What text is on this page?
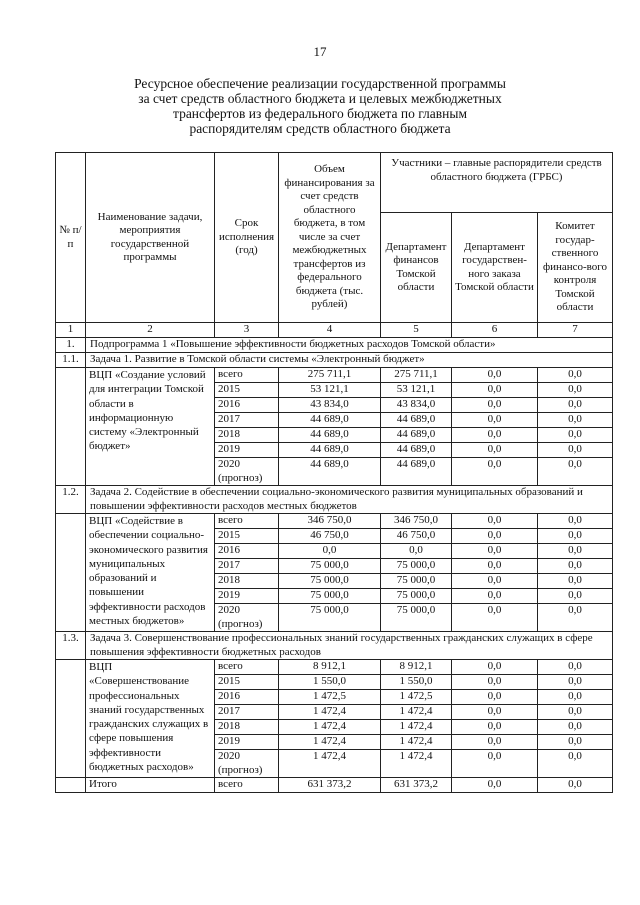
17
Ресурсное обеспечение реализации государственной программы
за счет средств областного бюджета и целевых межбюджетных
трансфертов из федерального бюджета по главным
распорядителям средств областного бюджета
№ п/п	Наименование задачи, мероприятия государственной программы	Срок исполнения (год)	Объем финансирования за счет средств областного бюджета, в том числе за счет межбюджетных трансфертов из федерального бюджета (тыс. рублей)	Участники – главные распорядители средств областного бюджета (ГРБС)		
				Департамент финансов Томской области	Департамент государствен-ного заказа Томской области	Комитет государ-ственного финансо-вого контроля Томской области
1	2	3	4	5	6	7
1.	Подпрограмма 1 «Повышение эффективности бюджетных расходов Томской области»					
1.1.	Задача 1. Развитие в Томской области системы «Электронный бюджет»					
	ВЦП «Создание условий для интеграции Томской области в информационную систему «Электронный бюджет»	всего	275 711,1	275 711,1	0,0	0,0
		2015	53 121,1	53 121,1	0,0	0,0
		2016	43 834,0	43 834,0	0,0	0,0
		2017	44 689,0	44 689,0	0,0	0,0
		2018	44 689,0	44 689,0	0,0	0,0
		2019	44 689,0	44 689,0	0,0	0,0
		2020 (прогноз)	44 689,0	44 689,0	0,0	0,0
1.2.	Задача 2. Содействие в обеспечении социально-экономического развития муниципальных образований и повышении эффективности расходов местных бюджетов					
	ВЦП «Содействие в обеспечении социально-экономического развития муниципальных образований и повышении эффективности расходов местных бюджетов»	всего	346 750,0	346 750,0	0,0	0,0
		2015	46 750,0	46 750,0	0,0	0,0
		2016	0,0	0,0	0,0	0,0
		2017	75 000,0	75 000,0	0,0	0,0
		2018	75 000,0	75 000,0	0,0	0,0
		2019	75 000,0	75 000,0	0,0	0,0
		2020 (прогноз)	75 000,0	75 000,0	0,0	0,0
1.3.	Задача 3. Совершенствование профессиональных знаний государственных гражданских служащих в сфере повышения эффективности бюджетных расходов					
	ВЦП «Совершенствование профессиональных знаний государственных гражданских служащих в сфере повышения эффективности бюджетных расходов»	всего	8 912,1	8 912,1	0,0	0,0
		2015	1 550,0	1 550,0	0,0	0,0
		2016	1 472,5	1 472,5	0,0	0,0
		2017	1 472,4	1 472,4	0,0	0,0
		2018	1 472,4	1 472,4	0,0	0,0
		2019	1 472,4	1 472,4	0,0	0,0
		2020 (прогноз)	1 472,4	1 472,4	0,0	0,0
	Итого	всего	631 373,2	631 373,2	0,0	0,0
